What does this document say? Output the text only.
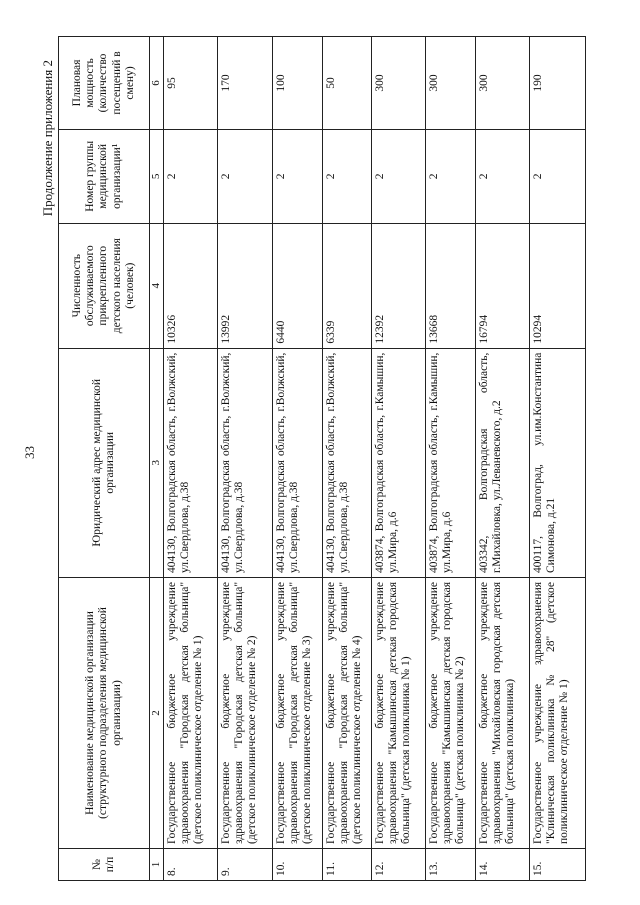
33
Продолжение приложения 2
№ п/п	Наименование медицинской организации (структурного подразделения медицинской организации)	Юридический адрес медицинской организации	Численность обслуживаемого прикрепленного детского населения (человек)	Номер группы медицинской организации¹	Плановая мощность (количество посещений в смену)
1	2	3	4	5	6
8.	Государственное бюджетное учреждение здравоохранения "Городская детская больница" (детское поликлиническое отделение № 1)	404130, Волгоградская область, г.Волжский, ул.Свердлова, д.38	10326	2	95
9.	Государственное бюджетное учреждение здравоохранения "Городская детская больница" (детское поликлиническое отделение № 2)	404130, Волгоградская область, г.Волжский, ул.Свердлова, д.38	13992	2	170
10.	Государственное бюджетное учреждение здравоохранения "Городская детская больница" (детское поликлиническое отделение № 3)	404130, Волгоградская область, г.Волжский, ул.Свердлова, д.38	6440	2	100
11.	Государственное бюджетное учреждение здравоохранения "Городская детская больница" (детское поликлиническое отделение № 4)	404130, Волгоградская область, г.Волжский, ул.Свердлова, д.38	6339	2	50
12.	Государственное бюджетное учреждение здравоохранения "Камышинская детская городская больница" (детская поликлиника № 1)	403874, Волгоградская область, г.Камышин, ул.Мира, д.6	12392	2	300
13.	Государственное бюджетное учреждение здравоохранения "Камышинская детская городская больница" (детская поликлиника № 2)	403874, Волгоградская область, г.Камышин, ул.Мира, д.6	13668	2	300
14.	Государственное бюджетное учреждение здравоохранения "Михайловская городская детская больница" (детская поликлиника)	403342, Волгоградская область, г.Михайловка, ул.Леваневского, д.2	16794	2	300
15.	Государственное учреждение здравоохранения "Клиническая поликлиника № 28" (детское поликлиническое отделение № 1)	400117, Волгоград, ул.им.Константина Симонова, д.21	10294	2	190
